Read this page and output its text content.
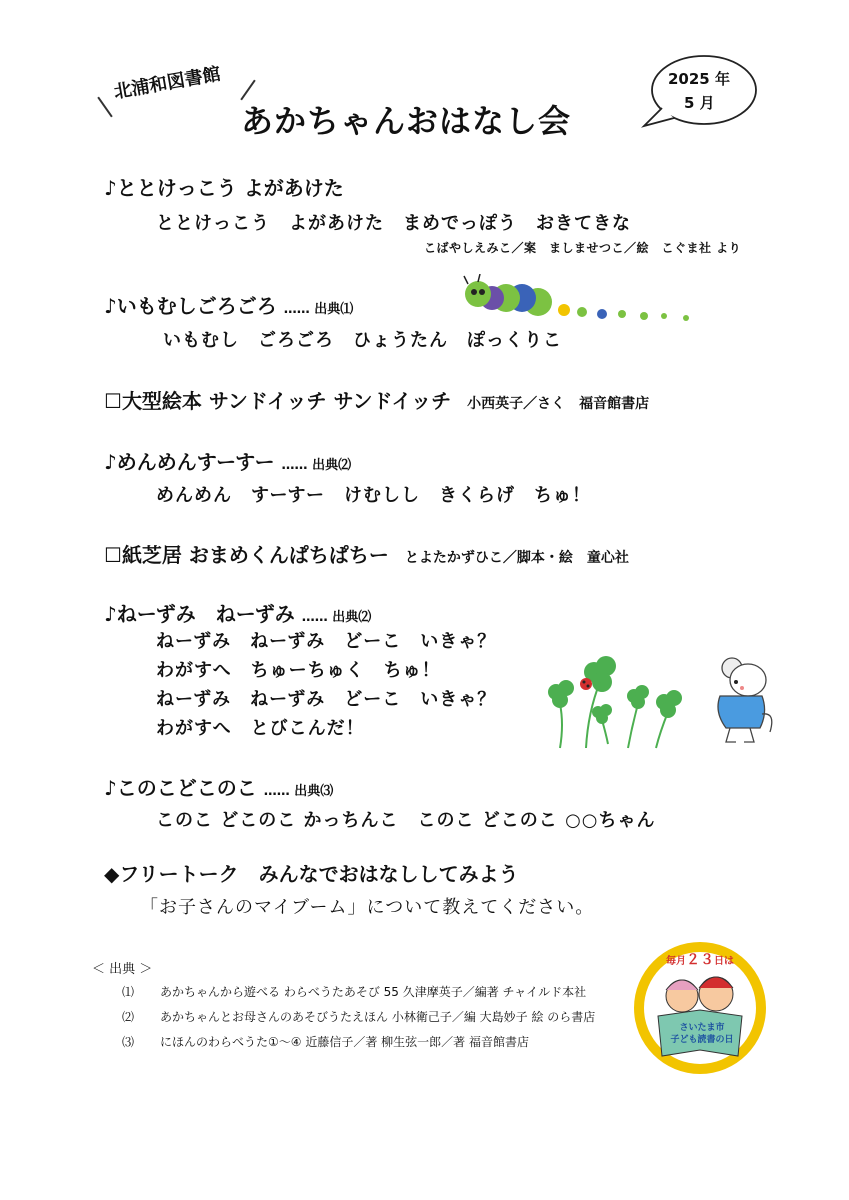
北浦和図書館
あかちゃんおはなし会
2025 年
5 月
♪ととけっこう よがあけた
ととけっこう　よがあけた　まめでっぽう　おきてきな
こばやしえみこ／案　ましませつこ／絵　こぐま社 より
♪いもむしごろごろ …… 出典⑴
いもむし　ごろごろ　ひょうたん　ぽっくりこ
☐大型絵本 サンドイッチ サンドイッチ 小西英子／さく　福音館書店
♪めんめんすーすー …… 出典⑵
めんめん　すーすー　けむしし　きくらげ　ちゅ！
☐紙芝居 おまめくんぱちぱちー とよたかずひこ／脚本・絵　童心社
♪ねーずみ　ねーずみ …… 出典⑵
ねーずみ　ねーずみ　どーこ　いきゃ？
わがすへ　ちゅーちゅく　ちゅ！
ねーずみ　ねーずみ　どーこ　いきゃ？
わがすへ　とびこんだ！
♪このこどこのこ …… 出典⑶
このこ どこのこ かっちんこ　このこ どこのこ ○○ちゃん
◆フリートーク　みんなでおはなししてみよう
「お子さんのマイブーム」について教えてください。
＜ 出典 ＞
⑴ あかちゃんから遊べる わらべうたあそび 55 久津摩英子／編著 チャイルド本社
⑵ あかちゃんとお母さんのあそびうたえほん 小林衛己子／編 大島妙子 絵 のら書店
⑶ にほんのわらべうた①～④ 近藤信子／著 柳生弦一郎／著 福音館書店
毎月２３日は
さいたま市
子ども読書の日
